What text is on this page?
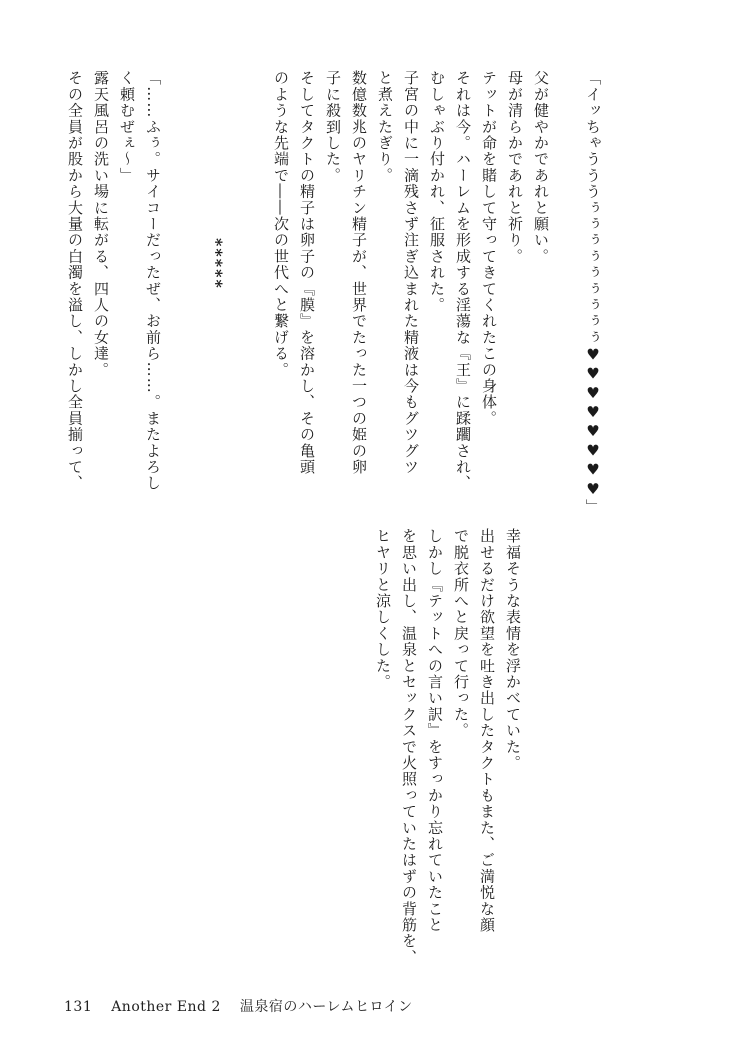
「イッちゃうううぅぅぅぅぅぅぅぅぅ♥♥♥♥♥♥♥♥」

父が健やかであれと願い。

母が清らかであれと祈り。

テットが命を賭して守ってきてくれたこの身体。

それは今。ハーレムを形成する淫蕩な『王』に蹂躙され、

むしゃぶり付かれ、征服された。

子宮の中に一滴残さず注ぎ込まれた精液は今もグツグツ

と煮えたぎり。

数億数兆のヤリチン精子が、世界でたった一つの姫の卵

子に殺到した。

そしてタクトの精子は卵子の『膜』を溶かし、その亀頭

のような先端で――次の世代へと繋げる。

*****

「……ふぅ。サイコーだったぜ、お前ら……。またよろし

く頼むぜぇ～」

露天風呂の洗い場に転がる、四人の女達。

その全員が股から大量の白濁を溢し、しかし全員揃って、

幸福そうな表情を浮かべていた。

出せるだけ欲望を吐き出したタクトもまた、ご満悦な顔

で脱衣所へと戻って行った。

しかし『テットへの言い訳』をすっかり忘れていたこと

を思い出し、温泉とセックスで火照っていたはずの背筋を、

ヒヤリと涼しくした。

131 Another End 2 温泉宿のハーレムヒロイン
